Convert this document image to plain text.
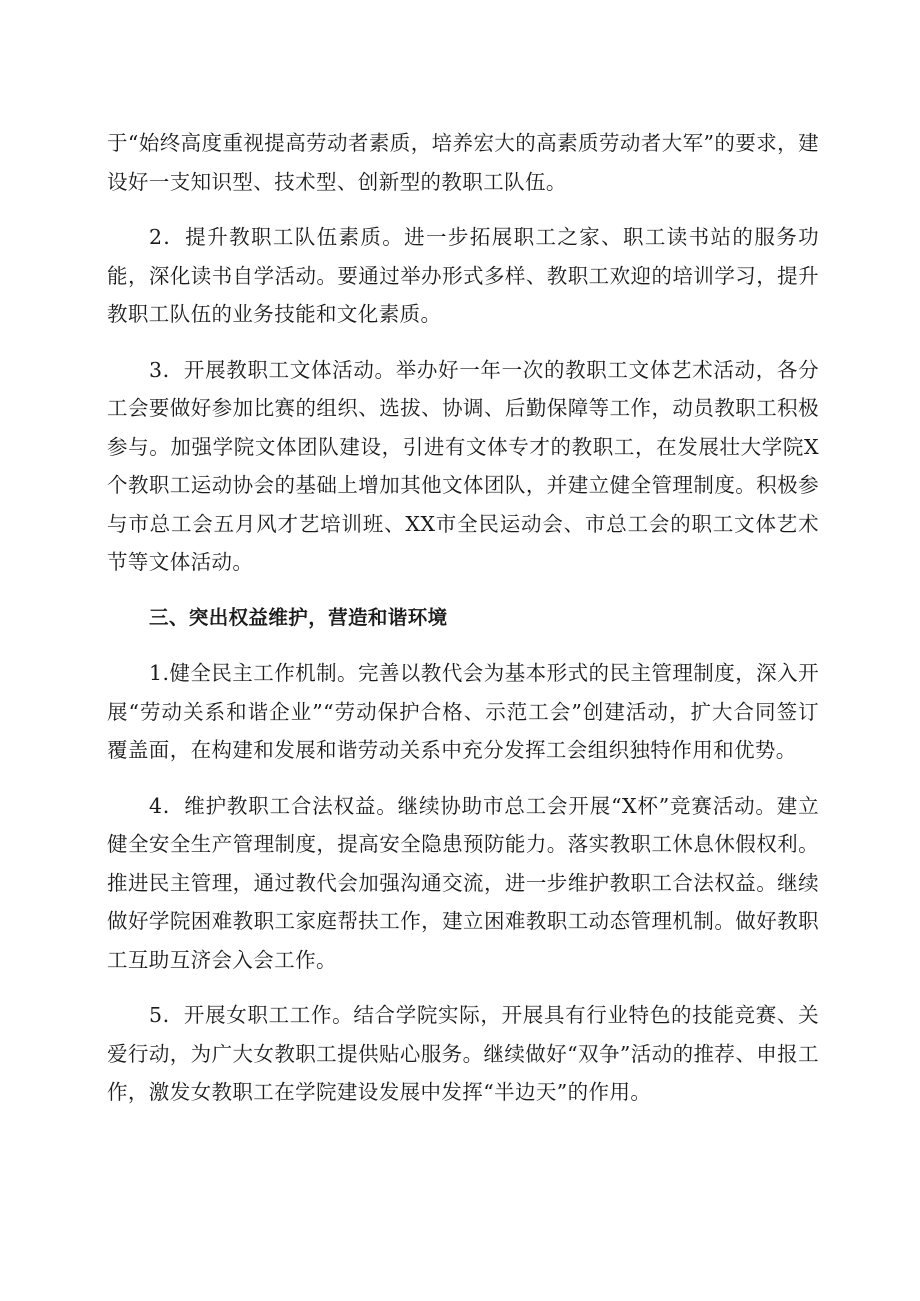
于“始终高度重视提高劳动者素质，培养宏大的高素质劳动者大军”的要求，建设好一支知识型、技术型、创新型的教职工队伍。

2．提升教职工队伍素质。进一步拓展职工之家、职工读书站的服务功能，深化读书自学活动。要通过举办形式多样、教职工欢迎的培训学习，提升教职工队伍的业务技能和文化素质。

3．开展教职工文体活动。举办好一年一次的教职工文体艺术活动，各分工会要做好参加比赛的组织、选拔、协调、后勤保障等工作，动员教职工积极参与。加强学院文体团队建设，引进有文体专才的教职工，在发展壮大学院X个教职工运动协会的基础上增加其他文体团队，并建立健全管理制度。积极参与市总工会五月风才艺培训班、XX市全民运动会、市总工会的职工文体艺术节等文体活动。

三、突出权益维护，营造和谐环境

1.健全民主工作机制。完善以教代会为基本形式的民主管理制度，深入开展“劳动关系和谐企业”“劳动保护合格、示范工会”创建活动，扩大合同签订覆盖面，在构建和发展和谐劳动关系中充分发挥工会组织独特作用和优势。

4．维护教职工合法权益。继续协助市总工会开展“X杯”竞赛活动。建立健全安全生产管理制度，提高安全隐患预防能力。落实教职工休息休假权利。推进民主管理，通过教代会加强沟通交流，进一步维护教职工合法权益。继续做好学院困难教职工家庭帮扶工作，建立困难教职工动态管理机制。做好教职工互助互济会入会工作。

5．开展女职工工作。结合学院实际，开展具有行业特色的技能竞赛、关爱行动，为广大女教职工提供贴心服务。继续做好“双争”活动的推荐、申报工作，激发女教职工在学院建设发展中发挥“半边天”的作用。
